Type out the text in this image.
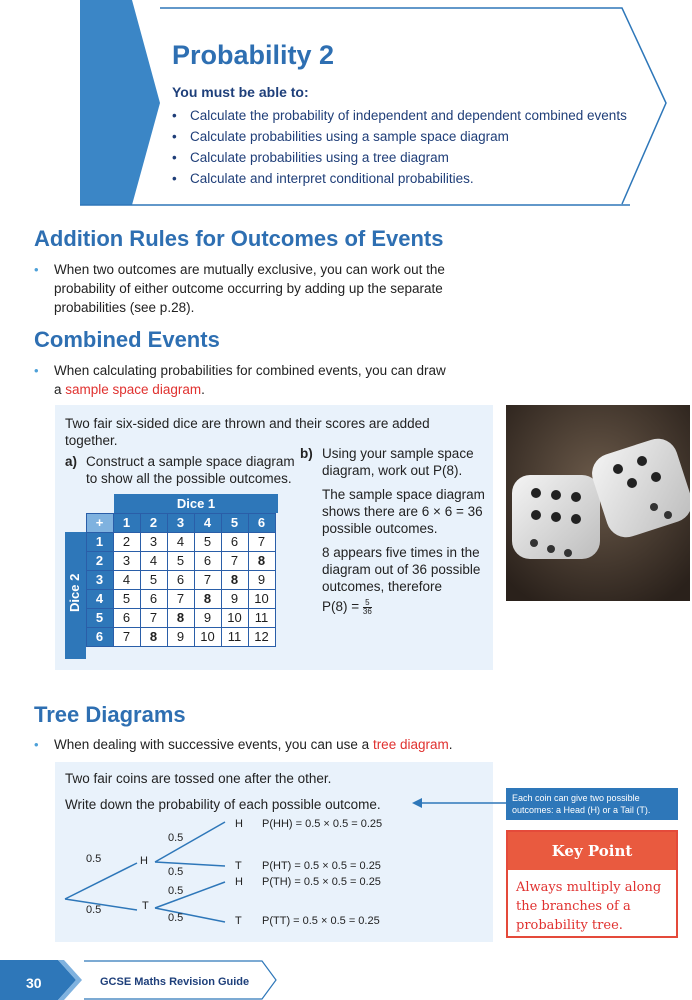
Probability
Probability 2
You must be able to:
• Calculate the probability of independent and dependent combined events
• Calculate probabilities using a sample space diagram
• Calculate probabilities using a tree diagram
• Calculate and interpret conditional probabilities.
Addition Rules for Outcomes of Events
•	When two outcomes are mutually exclusive, you can work out the probability of either outcome occurring by adding up the separate probabilities (see p.28).
Combined Events
•	When calculating probabilities for combined events, you can draw a sample space diagram.
Two fair six-sided dice are thrown and their scores are added together.
a) Construct a sample space diagram to show all the possible outcomes.
b) Using your sample space diagram, work out P(8).
The sample space diagram shows there are 6 × 6 = 36 possible outcomes.
8 appears five times in the diagram out of 36 possible outcomes, therefore
$P(8) = \frac{5}{36}$
Dice 1
Dice 2

	+	1	2	3	4	5	6
	1	2	3	4	5	6	7
	2	3	4	5	6	7	8
	3	4	5	6	7	8	9
	4	5	6	7	8	9	10
	5	6	7	8	9	10	11
	6	7	8	9	10	11	12
Tree Diagrams
•	When dealing with successive events, you can use a tree diagram.
Two fair coins are tossed one after the other.
Write down the probability of each possible outcome.
0.5
0.5
0.5
0.5
0.5
0.5
H
T
H
T
H
T
P(HH) = 0.5 × 0.5 = 0.25
P(HT) = 0.5 × 0.5 = 0.25
P(TH) = 0.5 × 0.5 = 0.25
P(TT) = 0.5 × 0.5 = 0.25
Each coin can give two possible outcomes: a Head (H) or a Tail (T).
Key Point
Always multiply along the branches of a probability tree.
30	GCSE Maths Revision Guide
